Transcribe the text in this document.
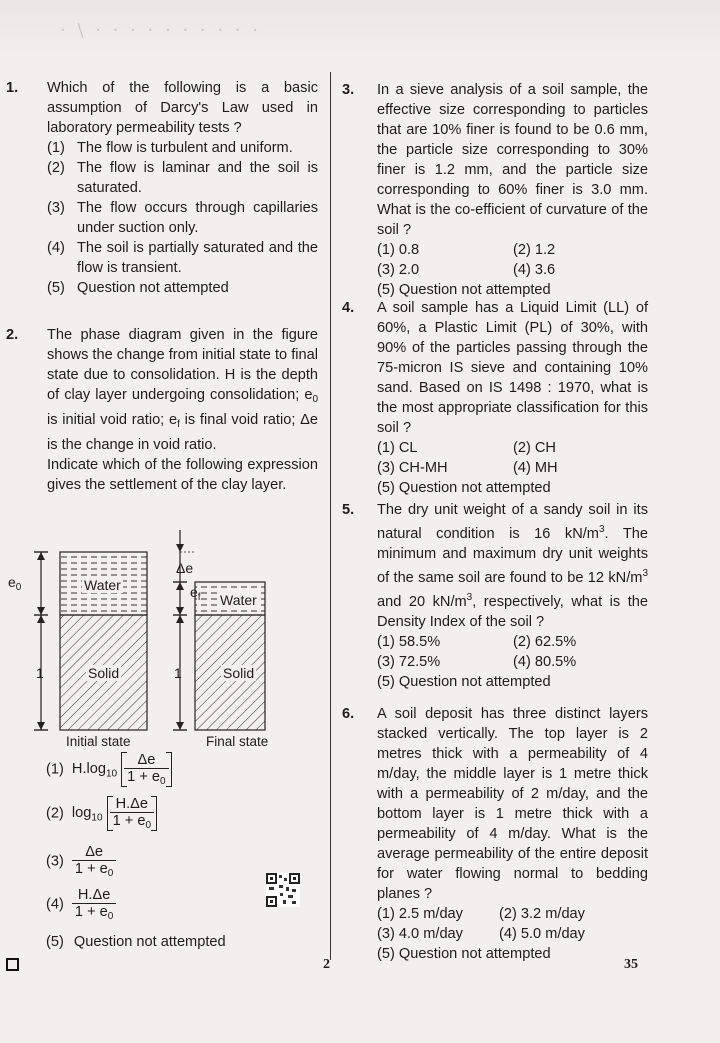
· \ · · · · · · · · · ·
1. Which of the following is a basic assumption of Darcy's Law used in laboratory permeability tests ?
(1) The flow is turbulent and uniform.
(2) The flow is laminar and the soil is saturated.
(3) The flow occurs through capillaries under suction only.
(4) The soil is partially saturated and the flow is transient.
(5) Question not attempted
2. The phase diagram given in the figure shows the change from initial state to final state due to consolidation. H is the depth of clay layer undergoing consolidation; $e_0$ is initial void ratio; $e_f$ is final void ratio; Δe is the change in void ratio.
Indicate which of the following expression gives the settlement of the clay layer.
Water
Solid
Water
Solid
$e_0$	$e_f$
Δe
1	1
Initial state	Final state
(1) $H.\log_{10} \frac{\Delta e}{1 + e_0}$
(2) $\log_{10} \frac{H.\Delta e}{1 + e_0}$
$(3) \frac{\Delta e}{1 + e_0}$
$(4) \frac{H.\Delta e}{1 + e_0}$
(5) Question not attempted
3. In a sieve analysis of a soil sample, the effective size corresponding to particles that are 10% finer is found to be 0.6 mm, the particle size corresponding to 30% finer is 1.2 mm, and the particle size corresponding to 60% finer is 3.0 mm. What is the co-efficient of curvature of the soil ?
(1) 0.8	(2) 1.2
(3) 2.0	(4) 3.6
(5) Question not attempted
4. A soil sample has a Liquid Limit (LL) of 60%, a Plastic Limit (PL) of 30%, with 90% of the particles passing through the 75-micron IS sieve and containing 10% sand. Based on IS 1498 : 1970, what is the most appropriate classification for this soil ?
(1) CL	(2) CH
(3) CH-MH	(4) MH
(5) Question not attempted
5. The dry unit weight of a sandy soil in its natural condition is 16 $kN/m^3$. The minimum and maximum dry unit weights of the same soil are found to be 12 $kN/m^3$ and 20 $kN/m^3$, respectively, what is the Density Index of the soil ?
(1) 58.5%	(2) 62.5%
(3) 72.5%	(4) 80.5%
(5) Question not attempted
6. A soil deposit has three distinct layers stacked vertically. The top layer is 2 metres thick with a permeability of 4 m/day, the middle layer is 1 metre thick with a permeability of 2 m/day, and the bottom layer is 1 metre thick with a permeability of 4 m/day. What is the average permeability of the entire deposit for water flowing normal to bedding planes ?
(1) 2.5 m/day	(2) 3.2 m/day
(3) 4.0 m/day	(4) 5.0 m/day
(5) Question not attempted
2	35
